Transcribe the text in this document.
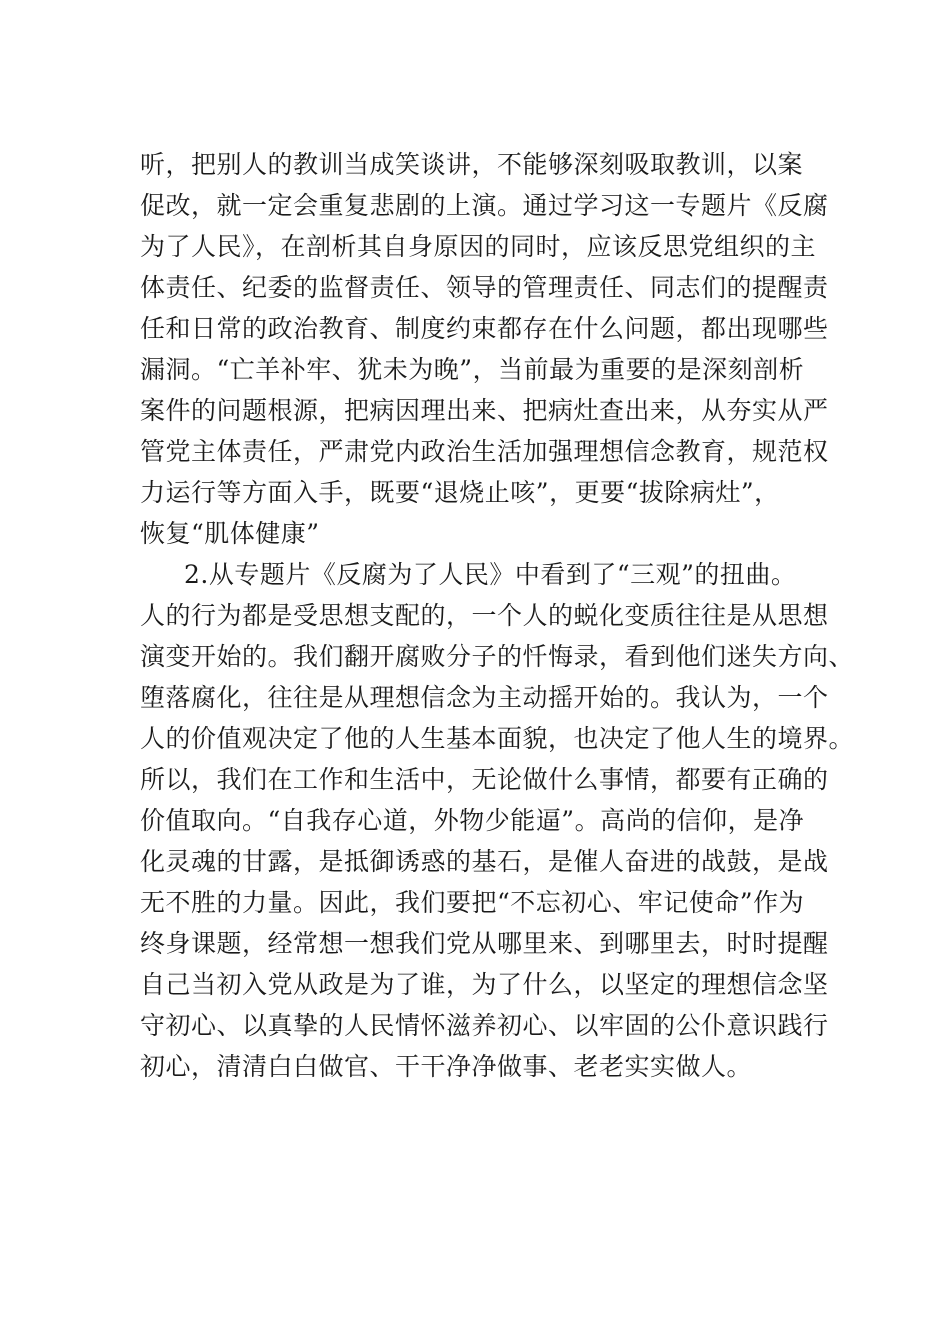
听，把别人的教训当成笑谈讲，不能够深刻吸取教训，以案
促改，就一定会重复悲剧的上演。通过学习这一专题片《反腐
为了人民》，在剖析其自身原因的同时，应该反思党组织的主
体责任、纪委的监督责任、领导的管理责任、同志们的提醒责
任和日常的政治教育、制度约束都存在什么问题，都出现哪些
漏洞。“亡羊补牢、犹未为晚”，当前最为重要的是深刻剖析
案件的问题根源，把病因理出来、把病灶查出来，从夯实从严
管党主体责任，严肃党内政治生活加强理想信念教育，规范权
力运行等方面入手，既要“退烧止咳”，更要“拔除病灶”，
恢复“肌体健康”
2.从专题片《反腐为了人民》中看到了“三观”的扭曲。
人的行为都是受思想支配的，一个人的蜕化变质往往是从思想
演变开始的。我们翻开腐败分子的忏悔录，看到他们迷失方向、
堕落腐化，往往是从理想信念为主动摇开始的。我认为，一个
人的价值观决定了他的人生基本面貌，也决定了他人生的境界。
所以，我们在工作和生活中，无论做什么事情，都要有正确的
价值取向。“自我存心道，外物少能逼”。高尚的信仰，是净
化灵魂的甘露，是抵御诱惑的基石，是催人奋进的战鼓，是战
无不胜的力量。因此，我们要把“不忘初心、牢记使命”作为
终身课题，经常想一想我们党从哪里来、到哪里去，时时提醒
自己当初入党从政是为了谁，为了什么，以坚定的理想信念坚
守初心、以真挚的人民情怀滋养初心、以牢固的公仆意识践行
初心，清清白白做官、干干净净做事、老老实实做人。
